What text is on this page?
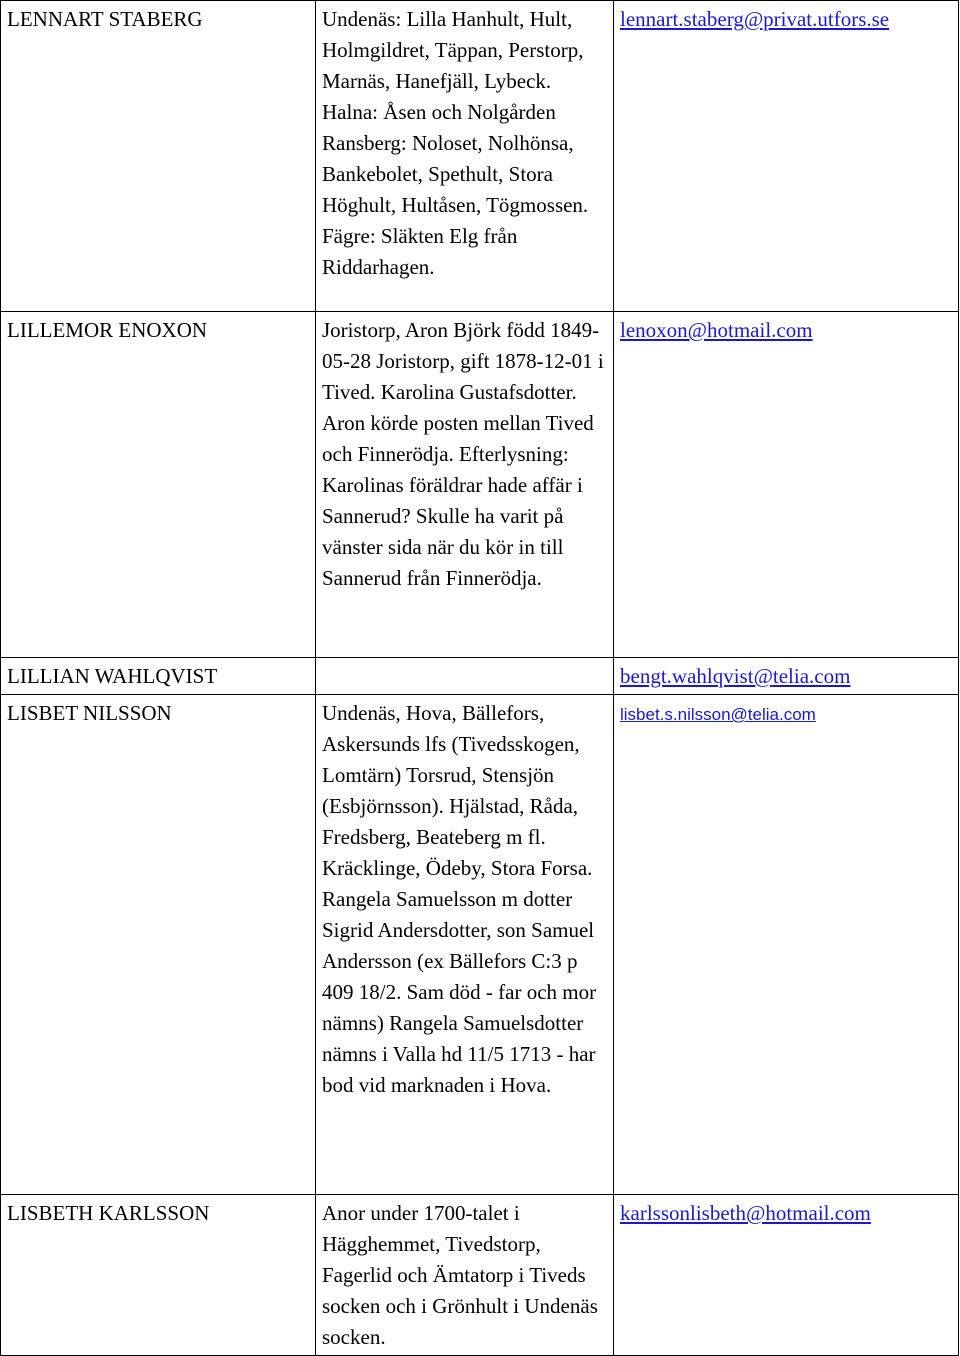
LENNART STABERG	Undenäs: Lilla Hanhult, Hult, Holmgildret, Täppan, Perstorp, Marnäs, Hanefjäll, Lybeck. Halna: Åsen och Nolgården Ransberg: Noloset, Nolhönsa, Bankebolet, Spethult, Stora Höghult, Hultåsen, Tögmossen. Fägre: Släkten Elg från Riddarhagen.	lennart.staberg@privat.utfors.se
LILLEMOR ENOXON	Joristorp, Aron Björk född 1849-05-28 Joristorp, gift 1878-12-01 i Tived. Karolina Gustafsdotter. Aron körde posten mellan Tived och Finnerödja. Efterlysning: Karolinas föräldrar hade affär i Sannerud? Skulle ha varit på vänster sida när du kör in till Sannerud från Finnerödja.	lenoxon@hotmail.com
LILLIAN WAHLQVIST		bengt.wahlqvist@telia.com
LISBET NILSSON	Undenäs, Hova, Bällefors, Askersunds lfs (Tivedsskogen, Lomtärn) Torsrud, Stensjön (Esbjörnsson). Hjälstad, Råda, Fredsberg, Beateberg m fl. Kräcklinge, Ödeby, Stora Forsa. Rangela Samuelsson m dotter Sigrid Andersdotter, son Samuel Andersson (ex Bällefors C:3 p 409 18/2. Sam död - far och mor nämns) Rangela Samuelsdotter nämns i Valla hd 11/5 1713 - har bod vid marknaden i Hova.	lisbet.s.nilsson@telia.com
LISBETH KARLSSON	Anor under 1700-talet i Hägghemmet, Tivedstorp, Fagerlid och Ämtatorp i Tiveds socken och i Grönhult i Undenäs socken.	karlssonlisbeth@hotmail.com
